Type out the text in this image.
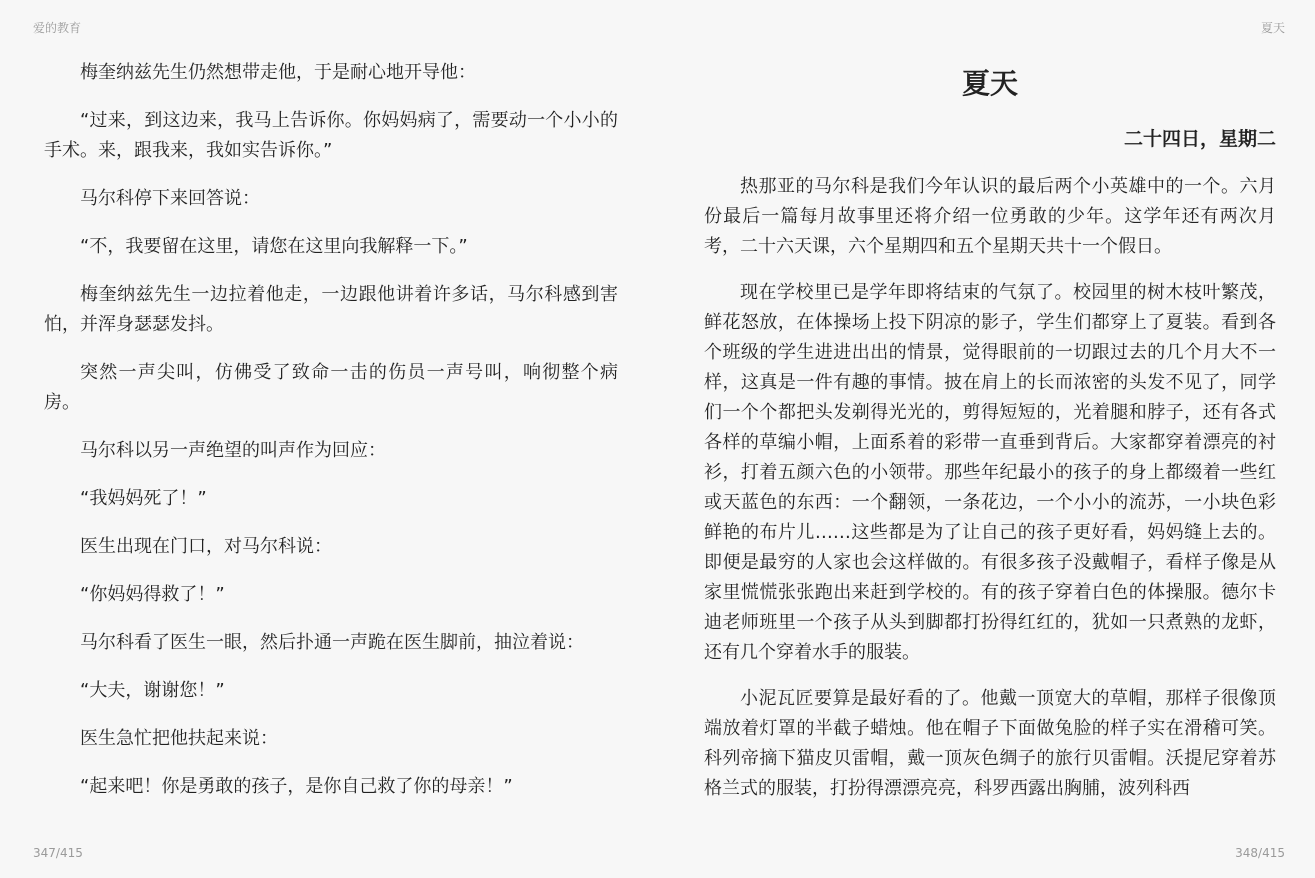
爱的教育	夏天

梅奎纳兹先生仍然想带走他，于是耐心地开导他：

“过来，到这边来，我马上告诉你。你妈妈病了，需要动一个小小的手术。来，跟我来，我如实告诉你。”

马尔科停下来回答说：

“不，我要留在这里，请您在这里向我解释一下。”

梅奎纳兹先生一边拉着他走，一边跟他讲着许多话，马尔科感到害怕，并浑身瑟瑟发抖。

突然一声尖叫，仿佛受了致命一击的伤员一声号叫，响彻整个病房。

马尔科以另一声绝望的叫声作为回应：

“我妈妈死了！”

医生出现在门口，对马尔科说：

“你妈妈得救了！”

马尔科看了医生一眼，然后扑通一声跪在医生脚前，抽泣着说：

“大夫，谢谢您！”

医生急忙把他扶起来说：

“起来吧！你是勇敢的孩子，是你自己救了你的母亲！”

夏天
二十四日，星期二

热那亚的马尔科是我们今年认识的最后两个小英雄中的一个。六月份最后一篇每月故事里还将介绍一位勇敢的少年。这学年还有两次月考，二十六天课，六个星期四和五个星期天共十一个假日。

现在学校里已是学年即将结束的气氛了。校园里的树木枝叶繁茂，鲜花怒放，在体操场上投下阴凉的影子，学生们都穿上了夏装。看到各个班级的学生进进出出的情景，觉得眼前的一切跟过去的几个月大不一样，这真是一件有趣的事情。披在肩上的长而浓密的头发不见了，同学们一个个都把头发剃得光光的，剪得短短的，光着腿和脖子，还有各式各样的草编小帽，上面系着的彩带一直垂到背后。大家都穿着漂亮的衬衫，打着五颜六色的小领带。那些年纪最小的孩子的身上都缀着一些红或天蓝色的东西：一个翻领，一条花边，一个小小的流苏，一小块色彩鲜艳的布片儿……这些都是为了让自己的孩子更好看，妈妈缝上去的。即便是最穷的人家也会这样做的。有很多孩子没戴帽子，看样子像是从家里慌慌张张跑出来赶到学校的。有的孩子穿着白色的体操服。德尔卡迪老师班里一个孩子从头到脚都打扮得红红的，犹如一只煮熟的龙虾，还有几个穿着水手的服装。

小泥瓦匠要算是最好看的了。他戴一顶宽大的草帽，那样子很像顶端放着灯罩的半截子蜡烛。他在帽子下面做兔脸的样子实在滑稽可笑。科列帝摘下猫皮贝雷帽，戴一顶灰色绸子的旅行贝雷帽。沃提尼穿着苏格兰式的服装，打扮得漂漂亮亮，科罗西露出胸脯，波列科西

347/415	348/415
